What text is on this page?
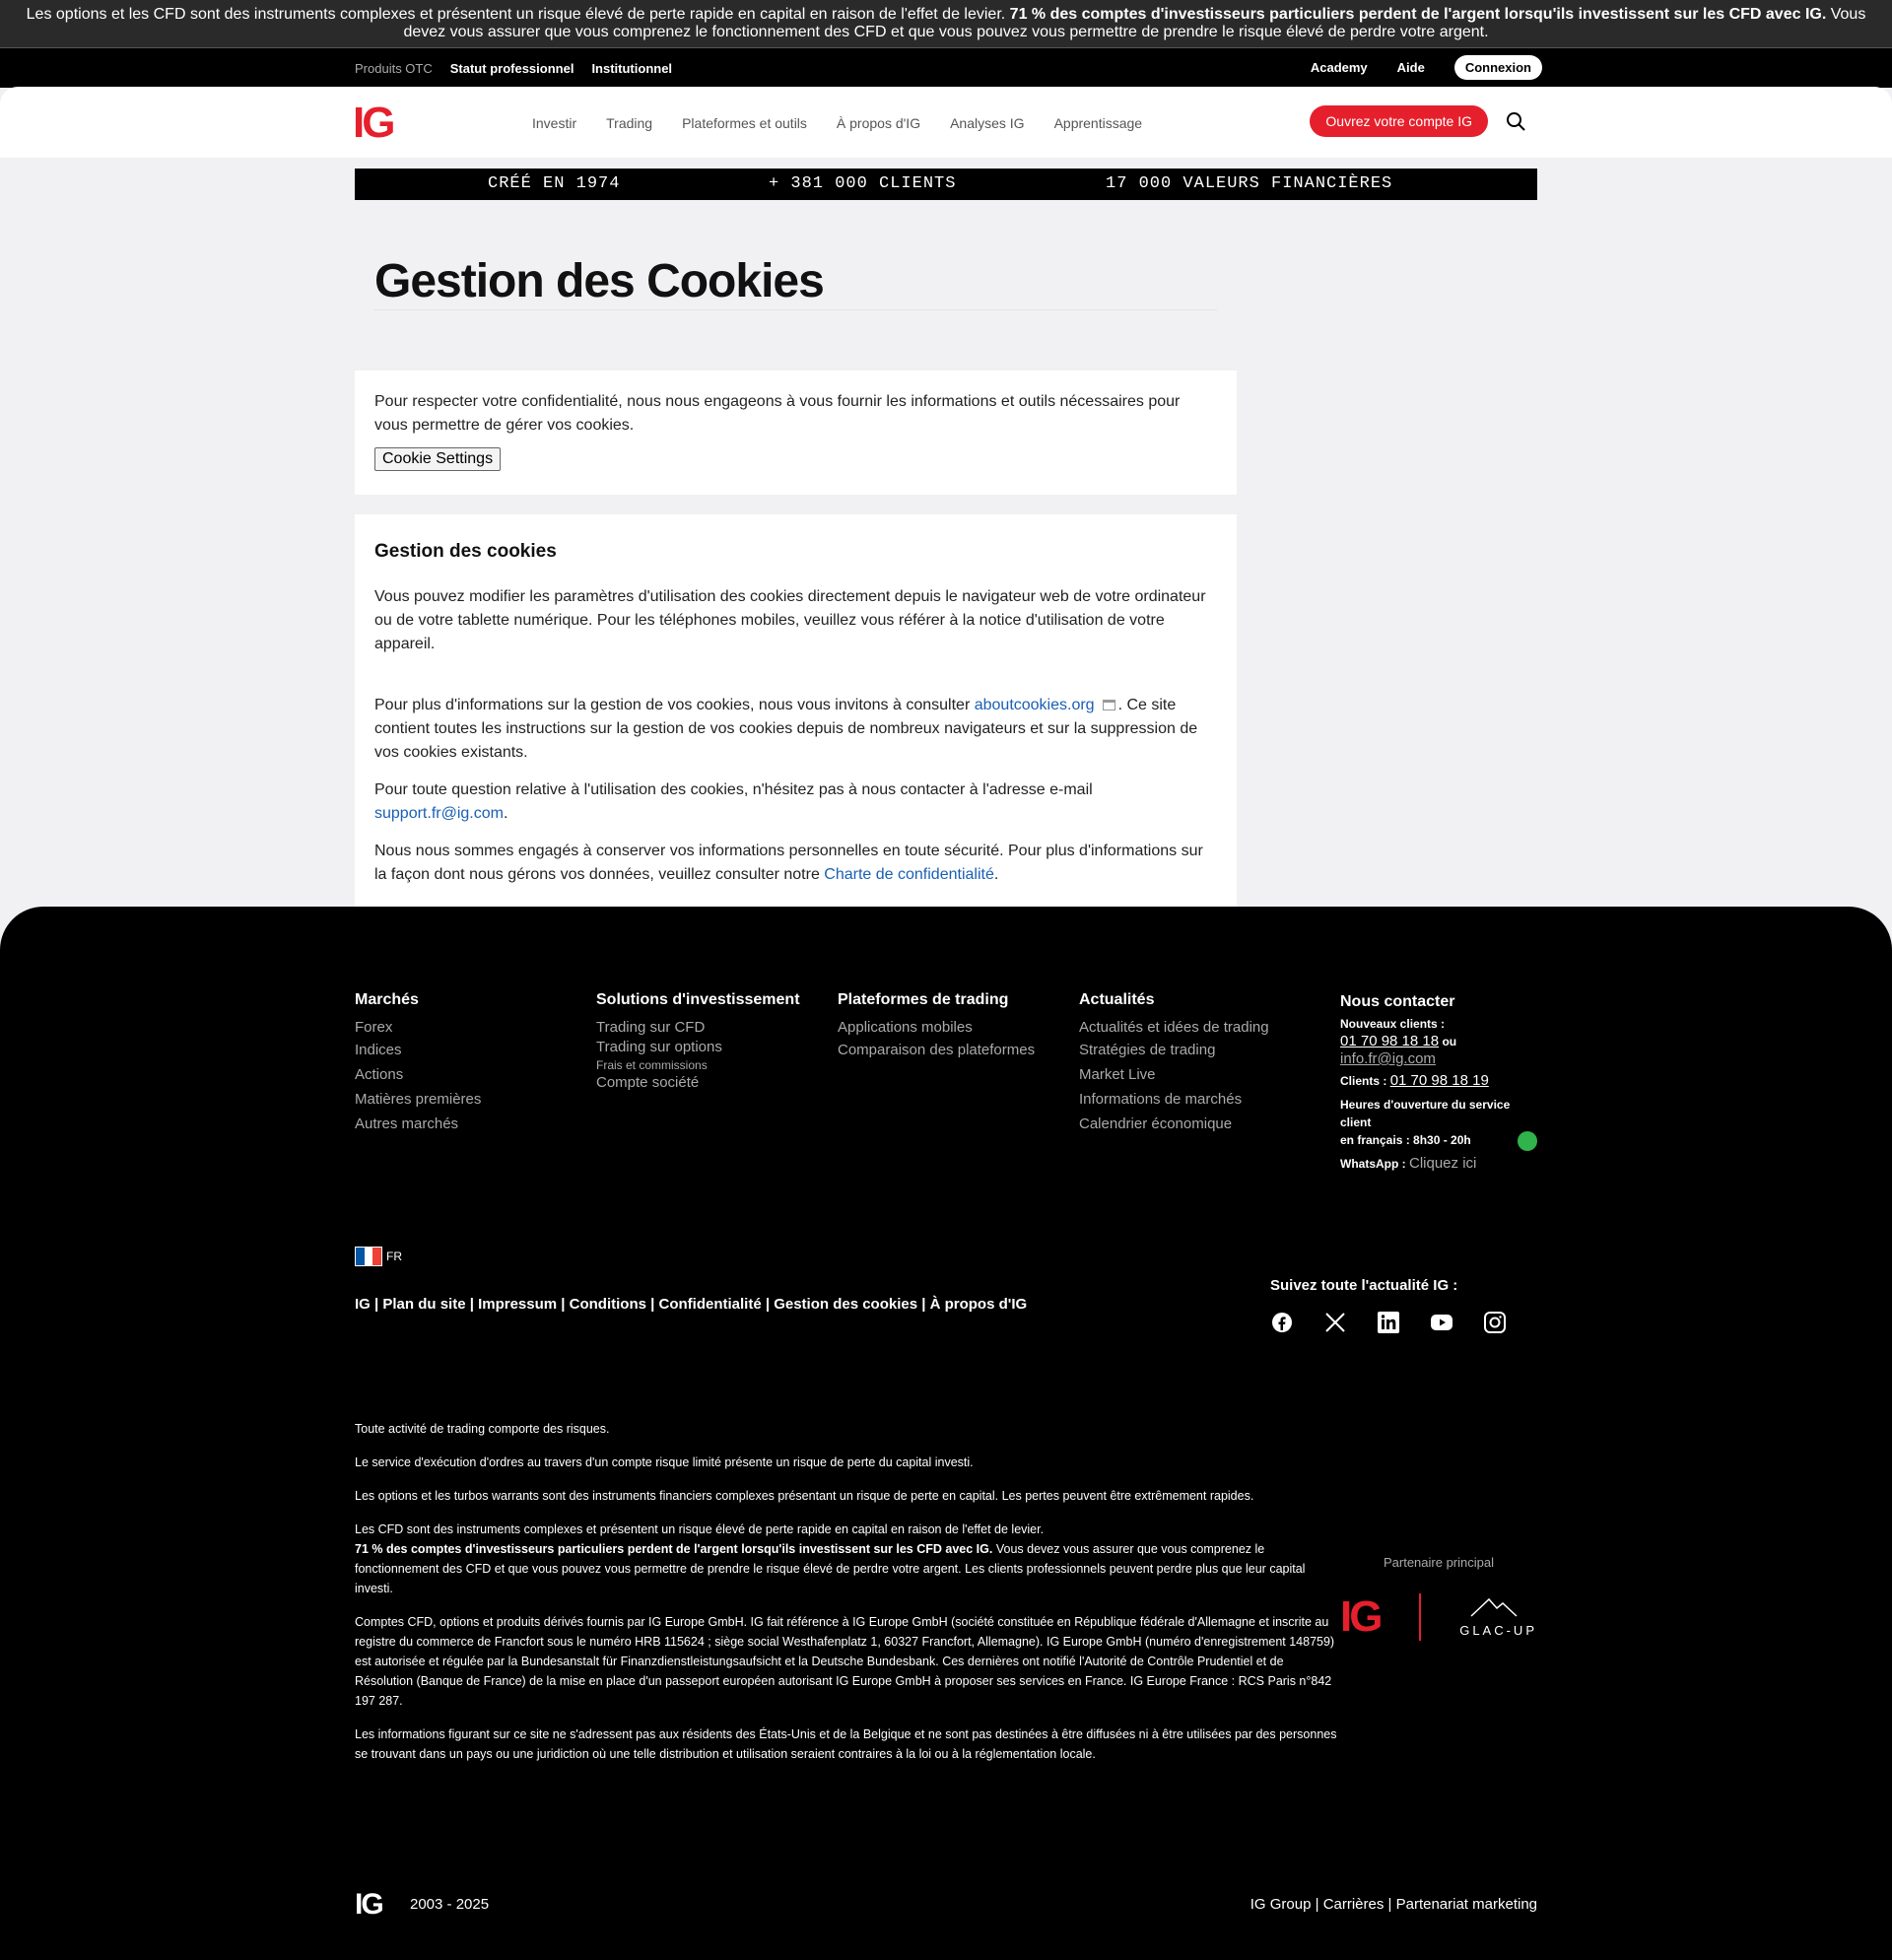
Les options et les CFD sont des instruments complexes et présentent un risque élevé de perte rapide en capital en raison de l'effet de levier. 71 % des comptes d'investisseurs particuliers perdent de l'argent lorsqu'ils investissent sur les CFD avec IG. Vous devez vous assurer que vous comprenez le fonctionnement des CFD et que vous pouvez vous permettre de prendre le risque élevé de perdre votre argent.
Produits OTC Statut professionnel Institutionnel	Academy Aide	Connexion
IG	Investir Trading Plateformes et outils À propos d'IG Analyses IG Apprentissage	Ouvrez votre compte IG
CRÉÉ EN 1974	+ 381 000 CLIENTS	17 000 VALEURS FINANCIÈRES
Gestion des Cookies

Pour respecter votre confidentialité, nous nous engageons à vous fournir les informations et outils nécessaires pour vous permettre de gérer vos cookies.

Cookie Settings
Gestion des cookies

Vous pouvez modifier les paramètres d'utilisation des cookies directement depuis le navigateur web de votre ordinateur ou de votre tablette numérique. Pour les téléphones mobiles, veuillez vous référer à la notice d'utilisation de votre appareil.

Pour plus d'informations sur la gestion de vos cookies, nous vous invitons à consulter aboutcookies.org . Ce site contient toutes les instructions sur la gestion de vos cookies depuis de nombreux navigateurs et sur la suppression de vos cookies existants.

Pour toute question relative à l'utilisation des cookies, n'hésitez pas à nous contacter à l'adresse e-mail support.fr@ig.com.

Nous nous sommes engagés à conserver vos informations personnelles en toute sécurité. Pour plus d'informations sur la façon dont nous gérons vos données, veuillez consulter notre Charte de confidentialité.

Marchés
Forex
Indices
Actions
Matières premières
Autres marchés
Solutions d'investissement
Trading sur CFD
Trading sur options
Frais et commissions
Compte société
Plateformes de trading
Applications mobiles
Comparaison des plateformes
Actualités
Actualités et idées de trading
Stratégies de trading
Market Live
Informations de marchés
Calendrier économique
Nous contacter
Nouveaux clients :
01 70 98 18 18 ou
info.fr@ig.com
Clients : 01 70 98 18 19
Heures d'ouverture du service client
en français : 8h30 - 20h
WhatsApp : Cliquez ici
FR
IG | Plan du site | Impressum | Conditions | Confidentialité | Gestion des cookies | À propos d'IG
Suivez toute l'actualité IG :

Toute activité de trading comporte des risques.

Le service d'exécution d'ordres au travers d'un compte risque limité présente un risque de perte du capital investi.

Les options et les turbos warrants sont des instruments financiers complexes présentant un risque de perte en capital. Les pertes peuvent être extrêmement rapides.

Les CFD sont des instruments complexes et présentent un risque élevé de perte rapide en capital en raison de l'effet de levier.
71 % des comptes d'investisseurs particuliers perdent de l'argent lorsqu'ils investissent sur les CFD avec IG. Vous devez vous assurer que vous comprenez le fonctionnement des CFD et que vous pouvez vous permettre de prendre le risque élevé de perdre votre argent. Les clients professionnels peuvent perdre plus que leur capital investi.

Comptes CFD, options et produits dérivés fournis par IG Europe GmbH. IG fait référence à IG Europe GmbH (société constituée en République fédérale d'Allemagne et inscrite au registre du commerce de Francfort sous le numéro HRB 115624 ; siège social Westhafenplatz 1, 60327 Francfort, Allemagne). IG Europe GmbH (numéro d'enregistrement 148759) est autorisée et régulée par la Bundesanstalt für Finanzdienstleistungsaufsicht et la Deutsche Bundesbank. Ces dernières ont notifié l'Autorité de Contrôle Prudentiel et de Résolution (Banque de France) de la mise en place d'un passeport européen autorisant IG Europe GmbH à proposer ses services en France. IG Europe France : RCS Paris n°842 197 287.

Les informations figurant sur ce site ne s'adressent pas aux résidents des États-Unis et de la Belgique et ne sont pas destinées à être diffusées ni à être utilisées par des personnes se trouvant dans un pays ou une juridiction où une telle distribution et utilisation seraient contraires à la loi ou à la réglementation locale.

Partenaire principal
IG	GLAC-UP
IG 2003 - 2025	IG Group | Carrières | Partenariat marketing
